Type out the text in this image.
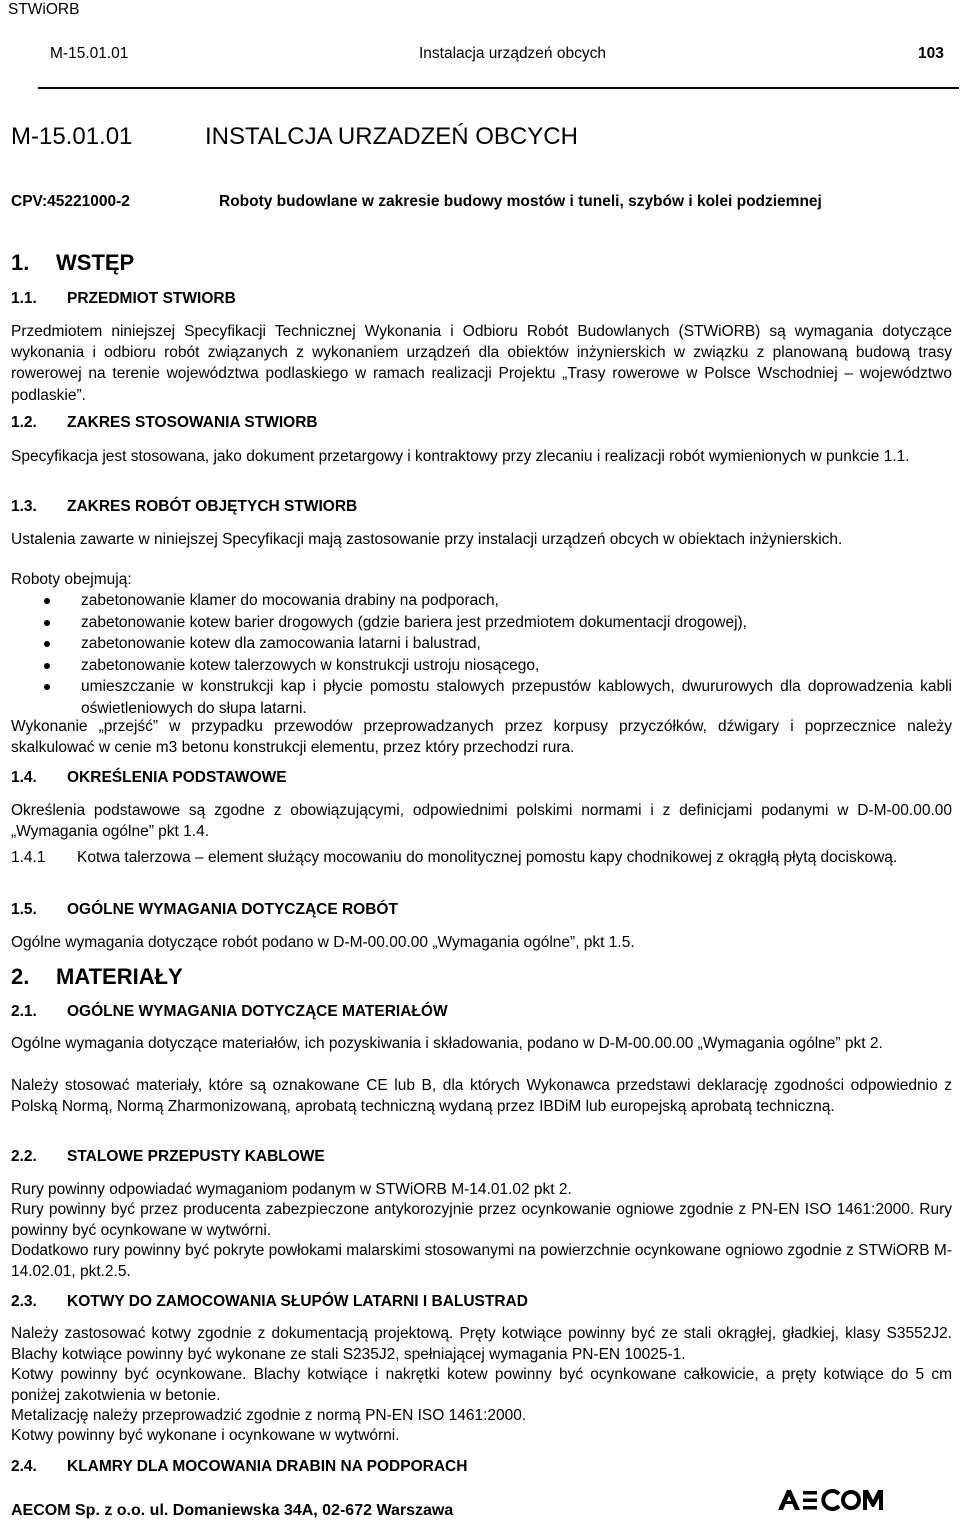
STWiORB
M-15.01.01	Instalacja urządzeń obcych	103
M-15.01.01	INSTALCJA URZADZEŃ OBCYCH
CPV:45221000-2	Roboty budowlane w zakresie budowy mostów i tuneli, szybów i kolei podziemnej
1. WSTĘP
1.1. PRZEDMIOT STWIORB
Przedmiotem niniejszej Specyfikacji Technicznej Wykonania i Odbioru Robót Budowlanych (STWiORB) są wymagania dotyczące wykonania i odbioru robót związanych z wykonaniem urządzeń dla obiektów inżynierskich w związku z planowaną budową trasy rowerowej na terenie województwa podlaskiego w ramach realizacji Projektu „Trasy rowerowe w Polsce Wschodniej – województwo podlaskie”.
1.2. ZAKRES STOSOWANIA STWIORB
Specyfikacja jest stosowana, jako dokument przetargowy i kontraktowy przy zlecaniu i realizacji robót wymienionych w punkcie 1.1.
1.3. ZAKRES ROBÓT OBJĘTYCH STWIORB
Ustalenia zawarte w niniejszej Specyfikacji mają zastosowanie przy instalacji urządzeń obcych w obiektach inżynierskich.
Roboty obejmują:
zabetonowanie klamer do mocowania drabiny na podporach,
zabetonowanie kotew barier drogowych (gdzie bariera jest przedmiotem dokumentacji drogowej),
zabetonowanie kotew dla zamocowania latarni i balustrad,
zabetonowanie kotew talerzowych w konstrukcji ustroju niosącego,
umieszczanie w konstrukcji kap i płycie pomostu stalowych przepustów kablowych, dwururowych dla doprowadzenia kabli oświetleniowych do słupa latarni.
Wykonanie „przejść” w przypadku przewodów przeprowadzanych przez korpusy przyczółków, dźwigary i poprzecznice należy skalkulować w cenie m3 betonu konstrukcji elementu, przez który przechodzi rura.
1.4. OKREŚLENIA PODSTAWOWE
Określenia podstawowe są zgodne z obowiązującymi, odpowiednimi polskimi normami i z definicjami podanymi w D-M-00.00.00 „Wymagania ogólne” pkt 1.4.
1.4.1 Kotwa talerzowa – element służący mocowaniu do monolitycznej pomostu kapy chodnikowej z okrągłą płytą dociskową.
1.5. OGÓLNE WYMAGANIA DOTYCZĄCE ROBÓT
Ogólne wymagania dotyczące robót podano w D-M-00.00.00 „Wymagania ogólne”, pkt 1.5.
2. MATERIAŁY
2.1. OGÓLNE WYMAGANIA DOTYCZĄCE MATERIAŁÓW
Ogólne wymagania dotyczące materiałów, ich pozyskiwania i składowania, podano w D-M-00.00.00 „Wymagania ogólne” pkt 2.
Należy stosować materiały, które są oznakowane CE lub B, dla których Wykonawca przedstawi deklarację zgodności odpowiednio z Polską Normą, Normą Zharmonizowaną, aprobatą techniczną wydaną przez IBDiM lub europejską aprobatą techniczną.
2.2. STALOWE PRZEPUSTY KABLOWE
Rury powinny odpowiadać wymaganiom podanym w STWiORB M-14.01.02 pkt 2.
Rury powinny być przez producenta zabezpieczone antykorozyjnie przez ocynkowanie ogniowe zgodnie z PN-EN ISO 1461:2000. Rury powinny być ocynkowane w wytwórni.
Dodatkowo rury powinny być pokryte powłokami malarskimi stosowanymi na powierzchnie ocynkowane ogniowo zgodnie z STWiORB M-14.02.01, pkt.2.5.
2.3. KOTWY DO ZAMOCOWANIA SŁUPÓW LATARNI I BALUSTRAD
Należy zastosować kotwy zgodnie z dokumentacją projektową. Pręty kotwiące powinny być ze stali okrągłej, gładkiej, klasy S3552J2. Blachy kotwiące powinny być wykonane ze stali S235J2, spełniającej wymagania PN-EN 10025-1.
Kotwy powinny być ocynkowane. Blachy kotwiące i nakrętki kotew powinny być ocynkowane całkowicie, a pręty kotwiące do 5 cm poniżej zakotwienia w betonie.
Metalizację należy przeprowadzić zgodnie z normą PN-EN ISO 1461:2000.
Kotwy powinny być wykonane i ocynkowane w wytwórni.
2.4. KLAMRY DLA MOCOWANIA DRABIN NA PODPORACH
AECOM Sp. z o.o. ul. Domaniewska 34A, 02-672 Warszawa
